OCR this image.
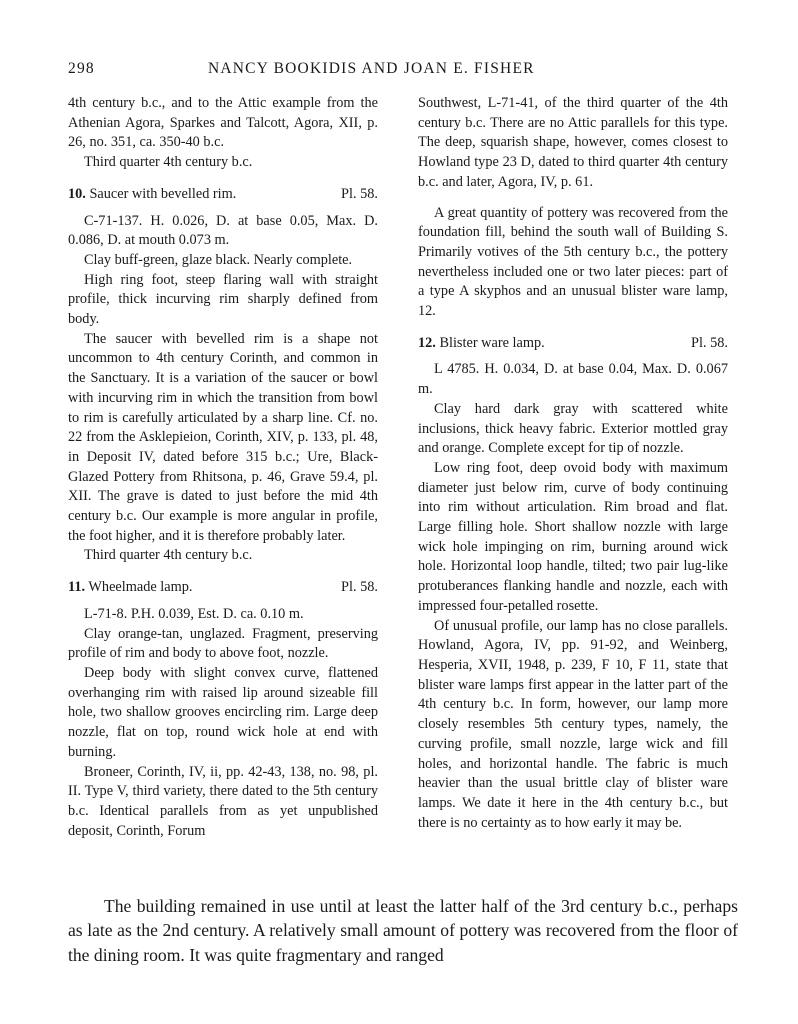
298	NANCY BOOKIDIS AND JOAN E. FISHER

4th century b.c., and to the Attic example from the Athenian Agora, Sparkes and Talcott, Agora, XII, p. 26, no. 351, ca. 350-40 b.c.

Third quarter 4th century b.c.

10. Saucer with bevelled rim.	Pl. 58.

C-71-137. H. 0.026, D. at base 0.05, Max. D. 0.086, D. at mouth 0.073 m.

Clay buff-green, glaze black. Nearly complete.

High ring foot, steep flaring wall with straight profile, thick incurving rim sharply defined from body.

The saucer with bevelled rim is a shape not uncommon to 4th century Corinth, and common in the Sanctuary. It is a variation of the saucer or bowl with incurving rim in which the transition from bowl to rim is carefully articulated by a sharp line. Cf. no. 22 from the Asklepieion, Corinth, XIV, p. 133, pl. 48, in Deposit IV, dated before 315 b.c.; Ure, Black-Glazed Pottery from Rhitsona, p. 46, Grave 59.4, pl. XII. The grave is dated to just before the mid 4th century b.c. Our example is more angular in profile, the foot higher, and it is therefore probably later.

Third quarter 4th century b.c.

11. Wheelmade lamp.	Pl. 58.

L-71-8. P.H. 0.039, Est. D. ca. 0.10 m.

Clay orange-tan, unglazed. Fragment, preserving profile of rim and body to above foot, nozzle.

Deep body with slight convex curve, flattened overhanging rim with raised lip around sizeable fill hole, two shallow grooves encircling rim. Large deep nozzle, flat on top, round wick hole at end with burning.

Broneer, Corinth, IV, ii, pp. 42-43, 138, no. 98, pl. II. Type V, third variety, there dated to the 5th century b.c. Identical parallels from as yet unpublished deposit, Corinth, Forum

Southwest, L-71-41, of the third quarter of the 4th century b.c. There are no Attic parallels for this type. The deep, squarish shape, however, comes closest to Howland type 23 D, dated to third quarter 4th century b.c. and later, Agora, IV, p. 61.

A great quantity of pottery was recovered from the foundation fill, behind the south wall of Building S. Primarily votives of the 5th century b.c., the pottery nevertheless included one or two later pieces: part of a type A skyphos and an unusual blister ware lamp, 12.

12. Blister ware lamp.	Pl. 58.

L 4785. H. 0.034, D. at base 0.04, Max. D. 0.067 m.

Clay hard dark gray with scattered white inclusions, thick heavy fabric. Exterior mottled gray and orange. Complete except for tip of nozzle.

Low ring foot, deep ovoid body with maximum diameter just below rim, curve of body continuing into rim without articulation. Rim broad and flat. Large filling hole. Short shallow nozzle with large wick hole impinging on rim, burning around wick hole. Horizontal loop handle, tilted; two pair lug-like protuberances flanking handle and nozzle, each with impressed four-petalled rosette.

Of unusual profile, our lamp has no close parallels. Howland, Agora, IV, pp. 91-92, and Weinberg, Hesperia, XVII, 1948, p. 239, F 10, F 11, state that blister ware lamps first appear in the latter part of the 4th century b.c. In form, however, our lamp more closely resembles 5th century types, namely, the curving profile, small nozzle, large wick and fill holes, and horizontal handle. The fabric is much heavier than the usual brittle clay of blister ware lamps. We date it here in the 4th century b.c., but there is no certainty as to how early it may be.

The building remained in use until at least the latter half of the 3rd century b.c., perhaps as late as the 2nd century. A relatively small amount of pottery was recovered from the floor of the dining room. It was quite fragmentary and ranged
